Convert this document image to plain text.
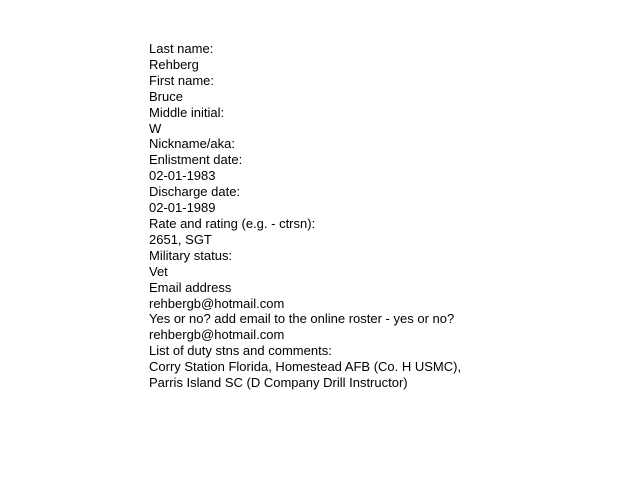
Last name:
Rehberg
First name:
Bruce
Middle initial:
W
Nickname/aka:
Enlistment date:
02-01-1983
Discharge date:
02-01-1989
Rate and rating (e.g. - ctrsn):
2651, SGT
Military status:
Vet
Email address
rehbergb@hotmail.com
Yes or no? add email to the online roster - yes or no?
rehbergb@hotmail.com
List of duty stns and comments:
Corry Station Florida, Homestead AFB (Co. H USMC),
Parris Island SC (D Company Drill Instructor)
